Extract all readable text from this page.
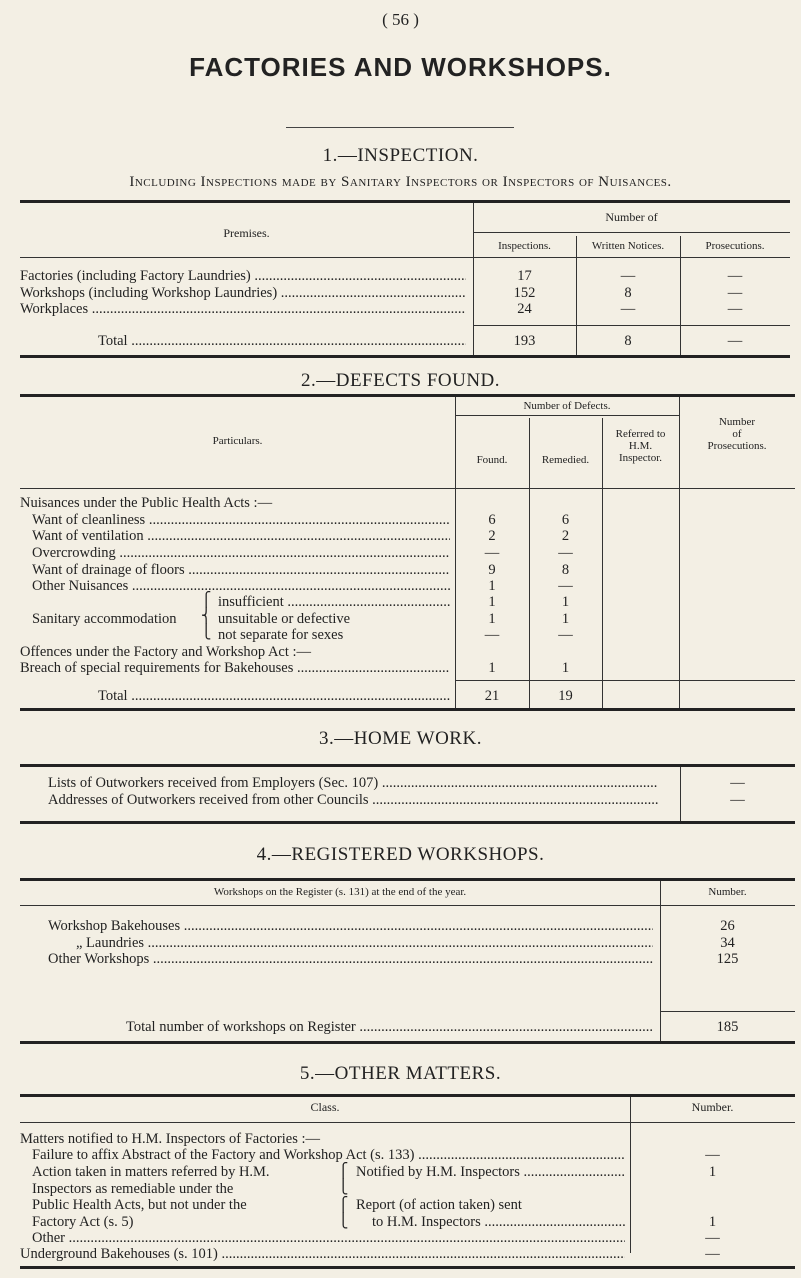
( 56 )
FACTORIES AND WORKSHOPS.
1.—INSPECTION.
Including Inspections made by Sanitary Inspectors or Inspectors of Nuisances.
Premises.
Number of
Inspections.	Written Notices.	Prosecutions.
Factories (including Factory Laundries) .....	17	—	—
Workshops (including Workshop Laundries) .....	152	8	—
Workplaces .....	24	—	—
Total .....	193	8	—
2.—DEFECTS FOUND.
Particulars.
Number of Defects.
Found.	Remedied.
Referred to
H.M.
Inspector.
Number
of
Prosecutions.
Nuisances under the Public Health Acts :—
Want of cleanliness .....	6	6
Want of ventilation .....	2	2
Overcrowding .....	—	—
Want of drainage of floors .....	9	8
Other Nuisances .....	1	—
Sanitary accommodation
⎧
⎨
⎩
insufficient .....	1	1
unsuitable or defective	1	1
not separate for sexes	—	—
Offences under the Factory and Workshop Act :—
Breach of special requirements for Bakehouses .....	1	1
Total .....	21	19
3.—HOME WORK.
Lists of Outworkers received from Employers (Sec. 107) .....	—
Addresses of Outworkers received from other Councils .....	—
4.—REGISTERED WORKSHOPS.
Workshops on the Register (s. 131) at the end of the year.	Number.
Workshop Bakehouses .....	26
„ Laundries .....	34
Other Workshops .....	125
Total number of workshops on Register .....	185
5.—OTHER MATTERS.
Class.	Number.
Matters notified to H.M. Inspectors of Factories :—
Failure to affix Abstract of the Factory and Workshop Act (s. 133) .....	—
Action taken in matters referred by H.M.
Inspectors as remediable under the
Public Health Acts, but not under the
Factory Act (s. 5)
⎧
⎩
⎧
⎩
Notified by H.M. Inspectors .....	1
Report (of action taken) sent
to H.M. Inspectors .....	1
Other .....	—
Underground Bakehouses (s. 101) .....	—
